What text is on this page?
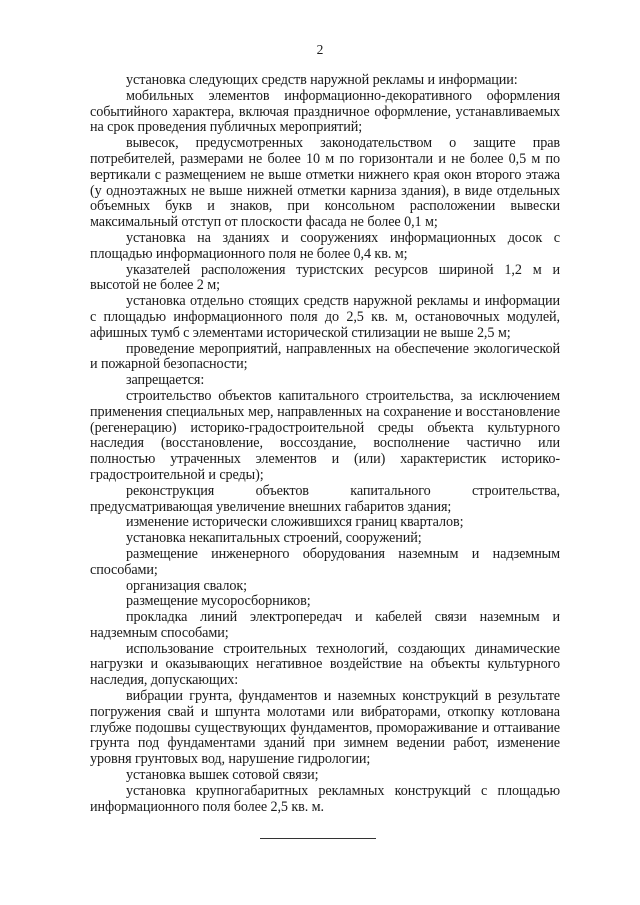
2

установка следующих средств наружной рекламы и информации:

мобильных элементов информационно-декоративного оформления событийного характера, включая праздничное оформление, устанавливаемых на срок проведения публичных мероприятий;

вывесок, предусмотренных законодательством о защите прав потребителей, размерами не более 10 м по горизонтали и не более 0,5 м по вертикали с размещением не выше отметки нижнего края окон второго этажа (у одноэтажных не выше нижней отметки карниза здания), в виде отдельных объемных букв и знаков, при консольном расположении вывески максимальный отступ от плоскости фасада не более 0,1 м;

установка на зданиях и сооружениях информационных досок с площадью информационного поля не более 0,4 кв. м;

указателей расположения туристских ресурсов шириной 1,2 м и высотой не более 2 м;

установка отдельно стоящих средств наружной рекламы и информации с площадью информационного поля до 2,5 кв. м, остановочных модулей, афишных тумб с элементами исторической стилизации не выше 2,5 м;

проведение мероприятий, направленных на обеспечение экологической и пожарной безопасности;

запрещается:

строительство объектов капитального строительства, за исключением применения специальных мер, направленных на сохранение и восстановление (регенерацию) историко-градостроительной среды объекта культурного наследия (восстановление, воссоздание, восполнение частично или полностью утраченных элементов и (или) характеристик историко-градостроительной и среды);

реконструкция объектов капитального строительства, предусматривающая увеличение внешних габаритов здания;

изменение исторически сложившихся границ кварталов;

установка некапитальных строений, сооружений;

размещение инженерного оборудования наземным и надземным способами;

организация свалок;

размещение мусоросборников;

прокладка линий электропередач и кабелей связи наземным и надземным способами;

использование строительных технологий, создающих динамические нагрузки и оказывающих негативное воздействие на объекты культурного наследия, допускающих:

вибрации грунта, фундаментов и наземных конструкций в результате погружения свай и шпунта молотами или вибраторами, откопку котлована глубже подошвы существующих фундаментов, промораживание и оттаивание грунта под фундаментами зданий при зимнем ведении работ, изменение уровня грунтовых вод, нарушение гидрологии;

установка вышек сотовой связи;

установка крупногабаритных рекламных конструкций с площадью информационного поля более 2,5 кв. м.
